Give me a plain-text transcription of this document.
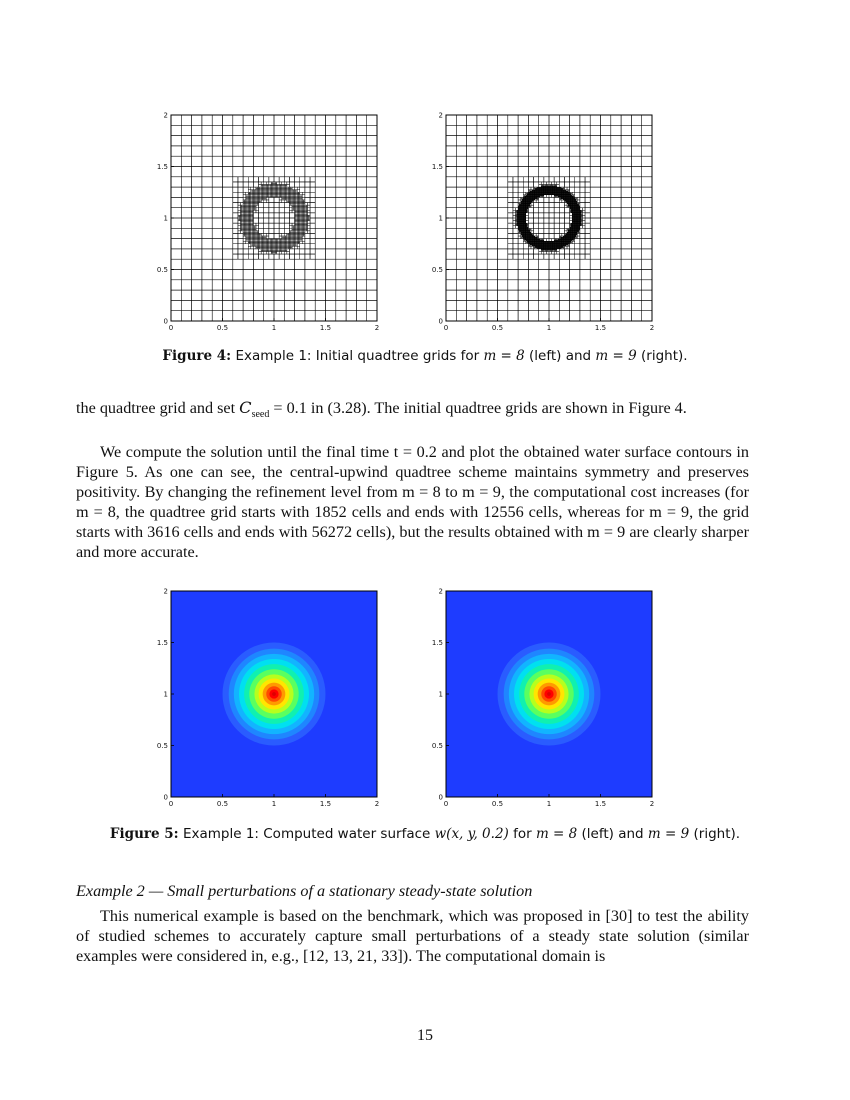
0	0.5	1	1.5	2
0
0.5
1
1.5
2
0	0.5	1	1.5	2
0
0.5
1
1.5
2
Figure 4: Example 1: Initial quadtree grids for m = 8 (left) and m = 9 (right).

the quadtree grid and set $C_{seed} = 0.1$ in (3.28). The initial quadtree grids are shown in Figure 4.

We compute the solution until the final time t = 0.2 and plot the obtained water surface contours in Figure 5. As one can see, the central-upwind quadtree scheme maintains symmetry and preserves positivity. By changing the refinement level from m = 8 to m = 9, the computational cost increases (for m = 8, the quadtree grid starts with 1852 cells and ends with 12556 cells, whereas for m = 9, the grid starts with 3616 cells and ends with 56272 cells), but the results obtained with m = 9 are clearly sharper and more accurate.

0	0.5	1	1.5	2
0
0.5
1
1.5
2
0	0.5	1	1.5	2
0
0.5
1
1.5
2
Figure 5: Example 1: Computed water surface w(x, y, 0.2) for m = 8 (left) and m = 9 (right).
Example 2 — Small perturbations of a stationary steady-state solution

This numerical example is based on the benchmark, which was proposed in [30] to test the ability of studied schemes to accurately capture small perturbations of a steady state solution (similar examples were considered in, e.g., [12, 13, 21, 33]). The computational domain is

15
